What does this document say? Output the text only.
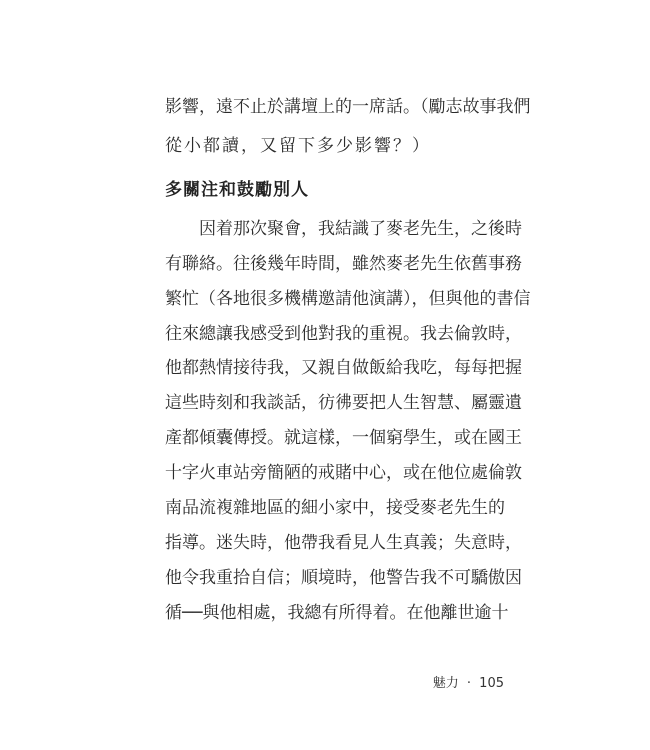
影響，遠不止於講壇上的一席話。（勵志故事我們
從小都讀，又留下多少影響？）
多關注和鼓勵別人
因着那次聚會，我結識了麥老先生，之後時
有聯絡。往後幾年時間，雖然麥老先生依舊事務
繁忙（各地很多機構邀請他演講），但與他的書信
往來總讓我感受到他對我的重視。我去倫敦時，
他都熱情接待我，又親自做飯給我吃，每每把握
這些時刻和我談話，彷彿要把人生智慧、屬靈遺
產都傾囊傳授。就這樣，一個窮學生，或在國王
十字火車站旁簡陋的戒賭中心，或在他位處倫敦
南品流複雜地區的細小家中，接受麥老先生的
指導。迷失時，他帶我看見人生真義；失意時，
他令我重拾自信；順境時，他警告我不可驕傲因
循──與他相處，我總有所得着。在他離世逾十
魅力 · 105
